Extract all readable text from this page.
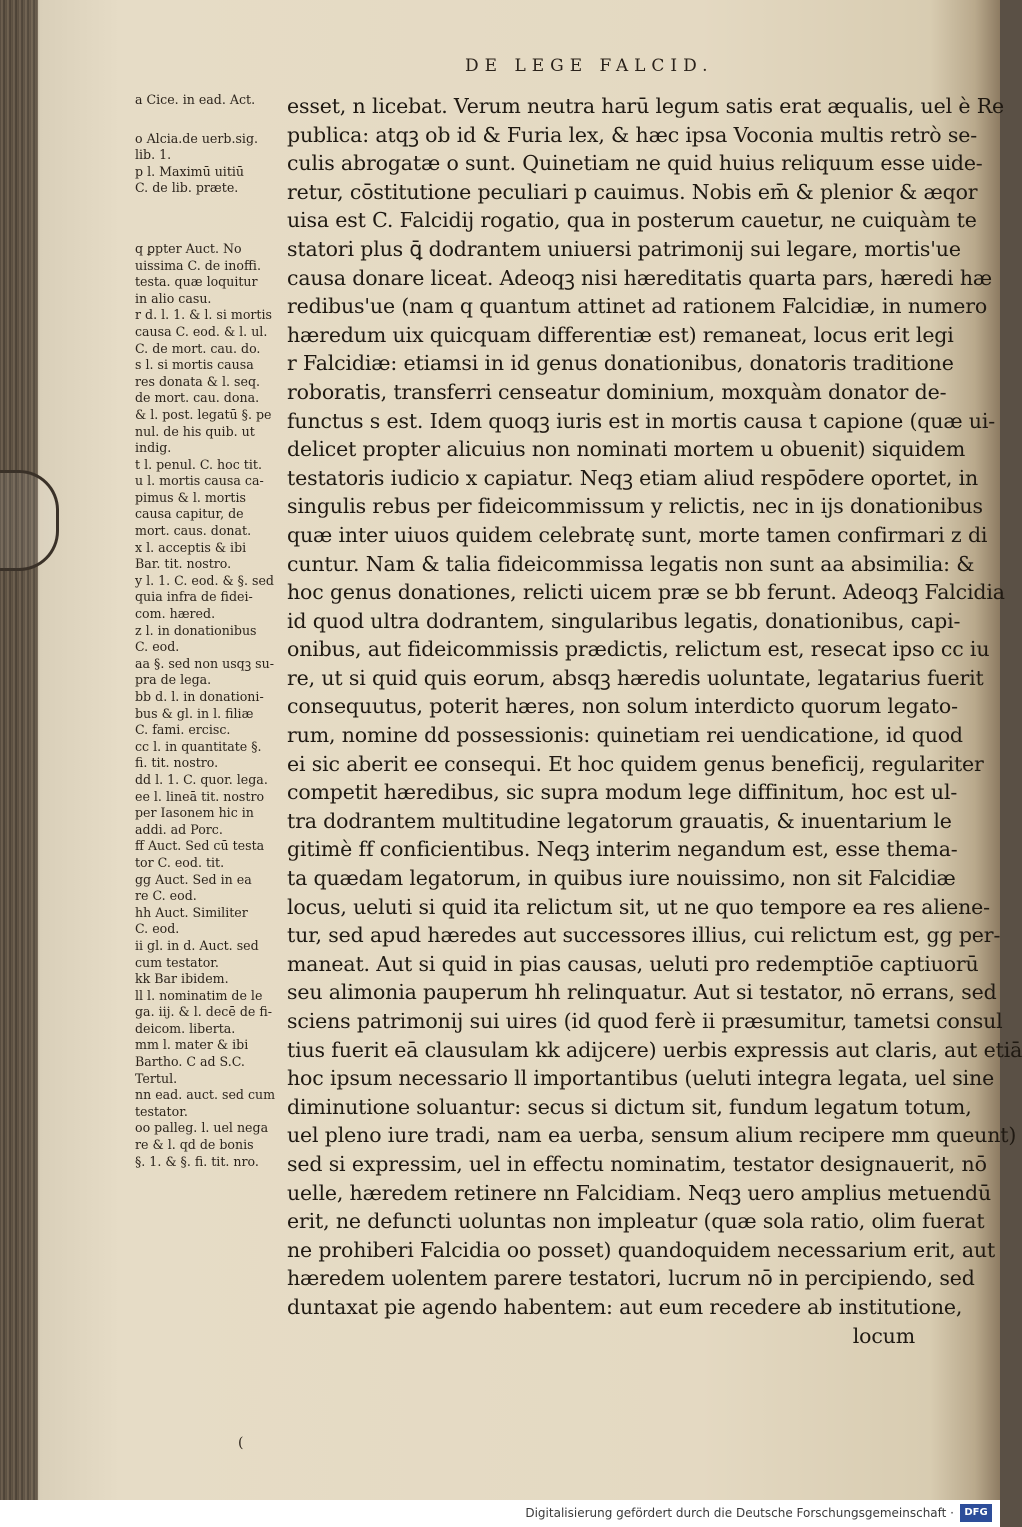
DE LEGE FALCID.
a Cice. in ead. Act.
o Alcia.de uerb.sig.
lib. 1.
p l. Maximū uitiū
C. de lib. præte.
q ꝑpter Auct. No
uissima C. de inoffi.
testa. quæ loquitur
in alio casu.
r d. l. 1. & l. si mortis
causa C. eod. & l. ul.
C. de mort. cau. do.
s l. si mortis causa
res donata & l. seq.
de mort. cau. dona.
& l. post. legatū §. pe
nul. de his quib. ut
indig.
t l. penul. C. hoc tit.
u l. mortis causa ca-
pimus & l. mortis
causa capitur, de
mort. caus. donat.
x l. acceptis & ibi
Bar. tit. nostro.
y l. 1. C. eod. & §. sed
quia infra de fidei-
com. hæred.
z l. in donationibus
C. eod.
aa §. sed non usqꝫ su-
pra de lega.
bb d. l. in donationi-
bus & gl. in l. filiæ
C. fami. ercisc.
cc l. in quantitate §.
fi. tit. nostro.
dd l. 1. C. quor. lega.
ee l. lineā tit. nostro
per Iasonem hic in
addi. ad Porc.
ff Auct. Sed cū testa
tor C. eod. tit.
gg Auct. Sed in ea
re C. eod.
hh Auct. Similiter
C. eod.
ii gl. in d. Auct. sed
cum testator.
kk Bar ibidem.
ll l. nominatim de le
ga. iij. & l. decē de fi-
deicom. liberta.
mm l. mater & ibi
Bartho. C ad S.C.
Tertul.
nn ead. auct. sed cum
testator.
oo palleg. l. uel nega
re & l. qd de bonis
§. 1. & §. fi. tit. nro.
esset, n licebat. Verum neutra harū legum satis erat æqualis, uel è Re
publica: atqꝫ ob id & Furia lex, & hæc ipsa Voconia multis retrò se-
culis abrogatæ o sunt. Quinetiam ne quid huius reliquum esse uide-
retur, cōstitutione peculiari p cauimus. Nobis em̄ & plenior & æqor
uisa est C. Falcidij rogatio, qua in posterum cauetur, ne cuiquàm te
statori plus ꝗ̄ dodrantem uniuersi patrimonij sui legare, mortis'ue
causa donare liceat. Adeoqꝫ nisi hæreditatis quarta pars, hæredi hæ
redibus'ue (nam q quantum attinet ad rationem Falcidiæ, in numero
hæredum uix quicquam differentiæ est) remaneat, locus erit legi
r Falcidiæ: etiamsi in id genus donationibus, donatoris traditione
roboratis, transferri censeatur dominium, moxquàm donator de-
functus s est. Idem quoqꝫ iuris est in mortis causa t capione (quæ ui-
delicet propter alicuius non nominati mortem u obuenit) siquidem
testatoris iudicio x capiatur. Neqꝫ etiam aliud respōdere oportet, in
singulis rebus per fideicommissum y relictis, nec in ijs donationibus
quæ inter uiuos quidem celebratę sunt, morte tamen confirmari z di
cuntur. Nam & talia fideicommissa legatis non sunt aa absimilia: &
hoc genus donationes, relicti uicem præ se bb ferunt. Adeoqꝫ Falcidia
id quod ultra dodrantem, singularibus legatis, donationibus, capi-
onibus, aut fideicommissis prædictis, relictum est, resecat ipso cc iu
re, ut si quid quis eorum, absqꝫ hæredis uoluntate, legatarius fuerit
consequutus, poterit hæres, non solum interdicto quorum legato-
rum, nomine dd possessionis: quinetiam rei uendicatione, id quod
ei sic aberit ee consequi. Et hoc quidem genus beneficij, regulariter
competit hæredibus, sic supra modum lege diffinitum, hoc est ul-
tra dodrantem multitudine legatorum grauatis, & inuentarium le
gitimè ff conficientibus. Neqꝫ interim negandum est, esse thema-
ta quædam legatorum, in quibus iure nouissimo, non sit Falcidiæ
locus, ueluti si quid ita relictum sit, ut ne quo tempore ea res aliene-
tur, sed apud hæredes aut successores illius, cui relictum est, gg per-
maneat. Aut si quid in pias causas, ueluti pro redemptiōe captiuorū
seu alimonia pauperum hh relinquatur. Aut si testator, nō errans, sed
sciens patrimonij sui uires (id quod ferè ii præsumitur, tametsi consul
tius fuerit eā clausulam kk adijcere) uerbis expressis aut claris, aut etiā
hoc ipsum necessario ll importantibus (ueluti integra legata, uel sine
diminutione soluantur: secus si dictum sit, fundum legatum totum,
uel pleno iure tradi, nam ea uerba, sensum alium recipere mm queunt)
sed si expressim, uel in effectu nominatim, testator designauerit, nō
uelle, hæredem retinere nn Falcidiam. Neqꝫ uero amplius metuendū
erit, ne defuncti uoluntas non impleatur (quæ sola ratio, olim fuerat
ne prohiberi Falcidia oo posset) quandoquidem necessarium erit, aut
hæredem uolentem parere testatori, lucrum nō in percipiendo, sed
duntaxat pie agendo habentem: aut eum recedere ab institutione,
locum
(
Digitalisierung gefördert durch die Deutsche Forschungsgemeinschaft ·	DFG
